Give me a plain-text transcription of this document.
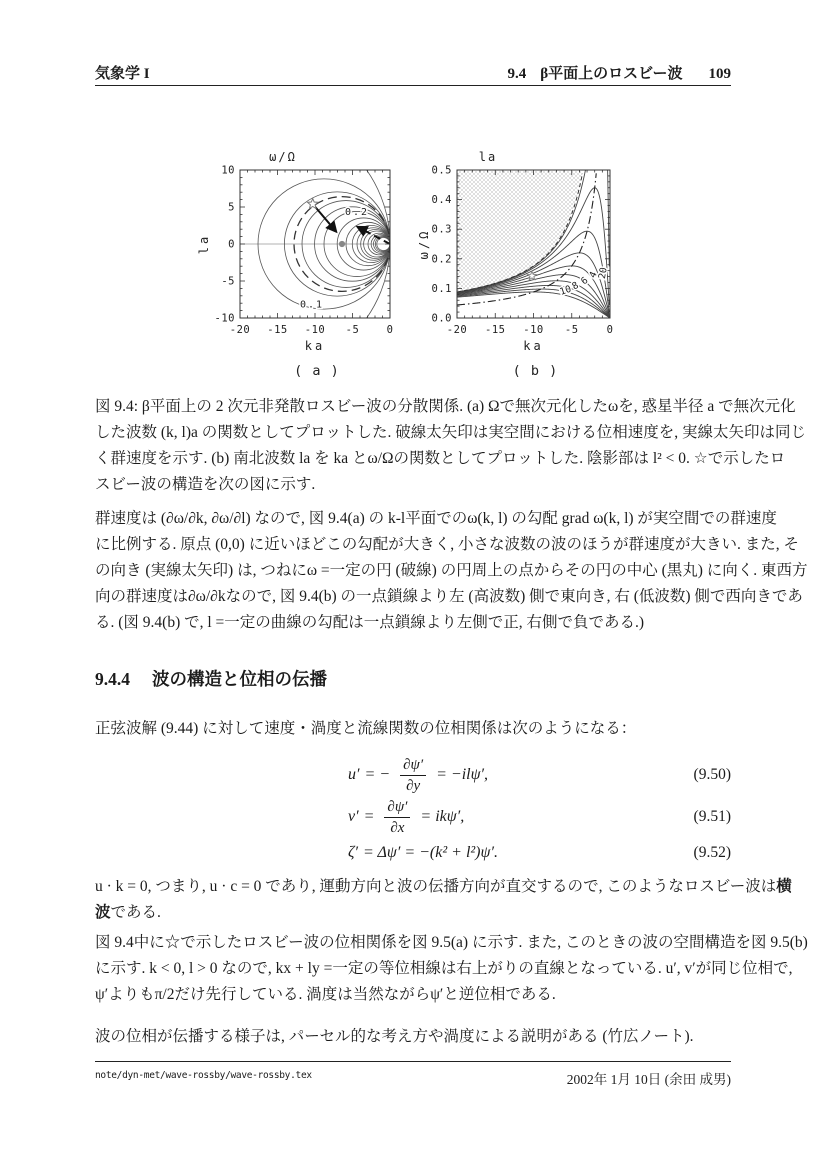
気象学 I	9.4 β平面上のロスビー波 109
0.1
0.2
-20 -15 -10 -5	0
10
5
0
-5
-10
ω/Ω
la
ka
( a )
4
6
8
10
20
-20 -15 -10 -5	0
0.0
0.1
0.2
0.3
0.4
0.5
la
ω/Ω
ka
( b )
図 9.4: β平面上の 2 次元非発散ロスビー波の分散関係. (a) Ωで無次元化したωを, 惑星半径 a で無次元化
した波数 (k, l)a の関数としてプロットした. 破線太矢印は実空間における位相速度を, 実線太矢印は同じ
く群速度を示す. (b) 南北波数 la を ka とω/Ωの関数としてプロットした. 陰影部は l² < 0. ☆で示したロ
スビー波の構造を次の図に示す.
群速度は (∂ω/∂k, ∂ω/∂l) なので, 図 9.4(a) の k-l平面でのω(k, l) の勾配 grad ω(k, l) が実空間での群速度
に比例する. 原点 (0,0) に近いほどこの勾配が大きく, 小さな波数の波のほうが群速度が大きい. また, そ
の向き (実線太矢印) は, つねにω =一定の円 (破線) の円周上の点からその円の中心 (黒丸) に向く. 東西方
向の群速度は∂ω/∂kなので, 図 9.4(b) の一点鎖線より左 (高波数) 側で東向き, 右 (低波数) 側で西向きであ
る. (図 9.4(b) で, l =一定の曲線の勾配は一点鎖線より左側で正, 右側で負である.)
9.4.4 波の構造と位相の伝播
正弦波解 (9.44) に対して速度・渦度と流線関数の位相関係は次のようになる：
u′ = − $\frac{\partial\psi'}{\partial y} = -il\psi'$,	(9.50)
$v' = \frac{\partial\psi'}{\partial x} = ik\psi'$,	(9.51)
ζ′ = Δψ′ = −(k² + l²)ψ′.	(9.52)
u · k = 0, つまり, u · c = 0 であり, 運動方向と波の伝播方向が直交するので, このようなロスビー波は横
波である.
図 9.4中に☆で示したロスビー波の位相関係を図 9.5(a) に示す. また, このときの波の空間構造を図 9.5(b)
に示す. k < 0, l > 0 なので, kx + ly =一定の等位相線は右上がりの直線となっている. u′, v′が同じ位相で,
ψ′よりもπ/2だけ先行している. 渦度は当然ながらψ′と逆位相である.
波の位相が伝播する様子は, パーセル的な考え方や渦度による説明がある (竹広ノート).
note/dyn-met/wave-rossby/wave-rossby.tex	2002年 1月 10日 (余田 成男)
